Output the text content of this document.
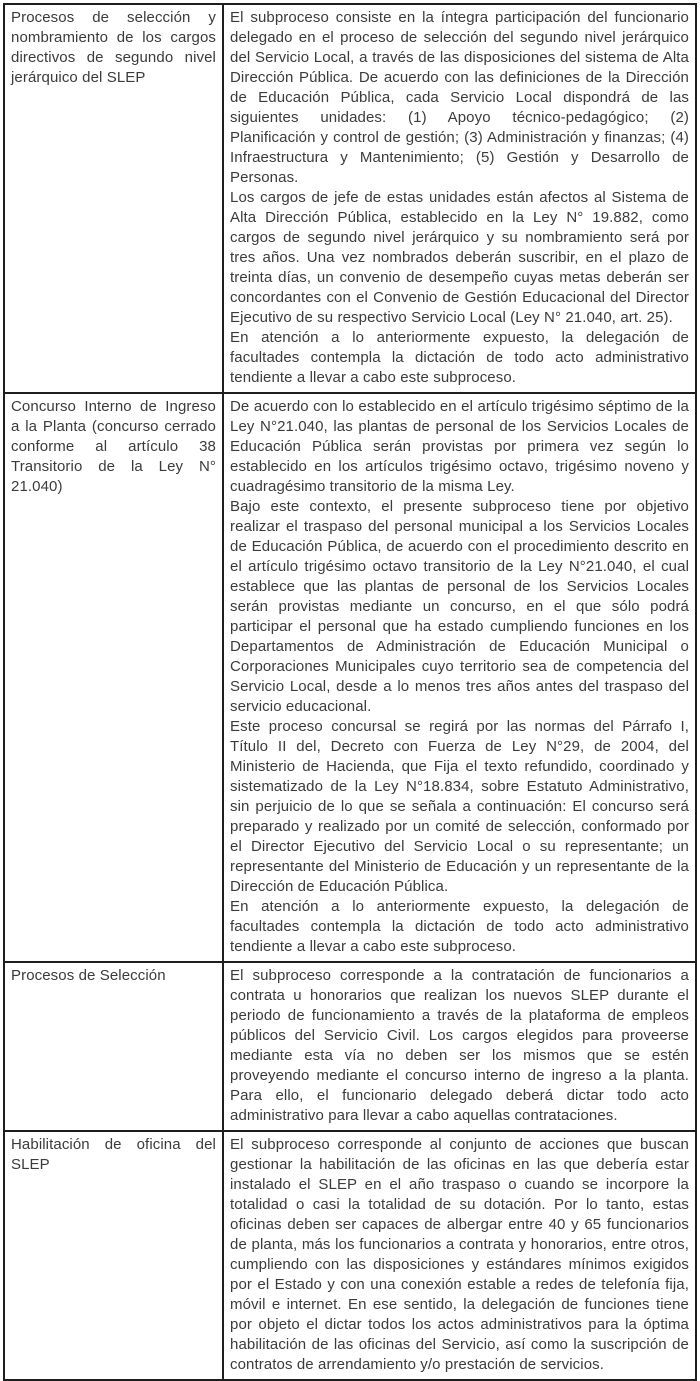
Procesos de selección y nombramiento de los cargos directivos de segundo nivel jerárquico del SLEP	El subproceso consiste en la íntegra participación del funcionario delegado en el proceso de selección del segundo nivel jerárquico del Servicio Local, a través de las disposiciones del sistema de Alta Dirección Pública. De acuerdo con las definiciones de la Dirección de Educación Pública, cada Servicio Local dispondrá de las siguientes unidades: (1) Apoyo técnico-pedagógico; (2) Planificación y control de gestión; (3) Administración y finanzas; (4) Infraestructura y Mantenimiento; (5) Gestión y Desarrollo de Personas.

Los cargos de jefe de estas unidades están afectos al Sistema de Alta Dirección Pública, establecido en la Ley N° 19.882, como cargos de segundo nivel jerárquico y su nombramiento será por tres años. Una vez nombrados deberán suscribir, en el plazo de treinta días, un convenio de desempeño cuyas metas deberán ser concordantes con el Convenio de Gestión Educacional del Director Ejecutivo de su respectivo Servicio Local (Ley N° 21.040, art. 25).

En atención a lo anteriormente expuesto, la delegación de facultades contempla la dictación de todo acto administrativo tendiente a llevar a cabo este subproceso.

Concurso Interno de Ingreso a la Planta (concurso cerrado conforme al artículo 38 Transitorio de la Ley N° 21.040)	De acuerdo con lo establecido en el artículo trigésimo séptimo de la Ley N°21.040, las plantas de personal de los Servicios Locales de Educación Pública serán provistas por primera vez según lo establecido en los artículos trigésimo octavo, trigésimo noveno y cuadragésimo transitorio de la misma Ley.

Bajo este contexto, el presente subproceso tiene por objetivo realizar el traspaso del personal municipal a los Servicios Locales de Educación Pública, de acuerdo con el procedimiento descrito en el artículo trigésimo octavo transitorio de la Ley N°21.040, el cual establece que las plantas de personal de los Servicios Locales serán provistas mediante un concurso, en el que sólo podrá participar el personal que ha estado cumpliendo funciones en los Departamentos de Administración de Educación Municipal o Corporaciones Municipales cuyo territorio sea de competencia del Servicio Local, desde a lo menos tres años antes del traspaso del servicio educacional.

Este proceso concursal se regirá por las normas del Párrafo I, Título II del, Decreto con Fuerza de Ley N°29, de 2004, del Ministerio de Hacienda, que Fija el texto refundido, coordinado y sistematizado de la Ley N°18.834, sobre Estatuto Administrativo, sin perjuicio de lo que se señala a continuación: El concurso será preparado y realizado por un comité de selección, conformado por el Director Ejecutivo del Servicio Local o su representante; un representante del Ministerio de Educación y un representante de la Dirección de Educación Pública.

En atención a lo anteriormente expuesto, la delegación de facultades contempla la dictación de todo acto administrativo tendiente a llevar a cabo este subproceso.

Procesos de Selección	El subproceso corresponde a la contratación de funcionarios a contrata u honorarios que realizan los nuevos SLEP durante el periodo de funcionamiento a través de la plataforma de empleos públicos del Servicio Civil. Los cargos elegidos para proveerse mediante esta vía no deben ser los mismos que se estén proveyendo mediante el concurso interno de ingreso a la planta. Para ello, el funcionario delegado deberá dictar todo acto administrativo para llevar a cabo aquellas contrataciones.

Habilitación de oficina del SLEP	El subproceso corresponde al conjunto de acciones que buscan gestionar la habilitación de las oficinas en las que debería estar instalado el SLEP en el año traspaso o cuando se incorpore la totalidad o casi la totalidad de su dotación. Por lo tanto, estas oficinas deben ser capaces de albergar entre 40 y 65 funcionarios de planta, más los funcionarios a contrata y honorarios, entre otros, cumpliendo con las disposiciones y estándares mínimos exigidos por el Estado y con una conexión estable a redes de telefonía fija, móvil e internet. En ese sentido, la delegación de funciones tiene por objeto el dictar todos los actos administrativos para la óptima habilitación de las oficinas del Servicio, así como la suscripción de contratos de arrendamiento y/o prestación de servicios.
